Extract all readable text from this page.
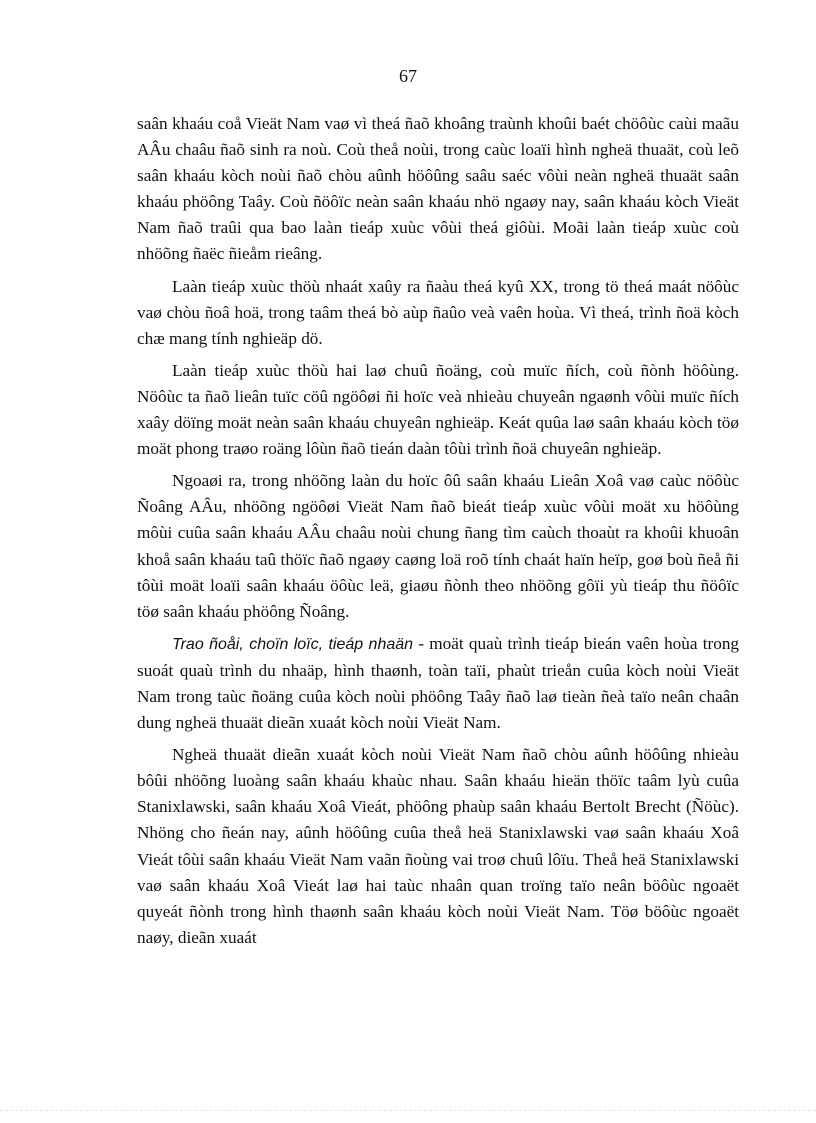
67

saân khaáu coå Vieät Nam vaø vì theá ñaõ khoâng traùnh khoûi baét chöôùc caùi maãu AÂu chaâu ñaõ sinh ra noù. Coù theå noùi, trong caùc loaïi hình ngheä thuaät, coù leõ saân khaáu kòch noùi ñaõ chòu aûnh höôûng saâu saéc vôùi neàn ngheä thuaät saân khaáu phöông Taây. Coù ñöôïc neàn saân khaáu nhö ngaøy nay, saân khaáu kòch Vieät Nam ñaõ traûi qua bao laàn tieáp xuùc vôùi theá giôùi. Moãi laàn tieáp xuùc coù nhöõng ñaëc ñieåm rieâng.

Laàn tieáp xuùc thöù nhaát xaûy ra ñaàu theá kyû XX, trong tö theá maát nöôùc vaø chòu ñoâ hoä, trong taâm theá bò aùp ñaûo veà vaên hoùa. Vì theá, trình ñoä kòch chæ mang tính nghieäp dö.

Laàn tieáp xuùc thöù hai laø chuû ñoäng, coù muïc ñích, coù ñònh höôùng. Nöôùc ta ñaõ lieân tuïc cöû ngöôøi ñi hoïc veà nhieàu chuyeân ngaønh vôùi muïc ñích xaây döïng moät neàn saân khaáu chuyeân nghieäp. Keát quûa laø saân khaáu kòch töø moät phong traøo roäng lôùn ñaõ tieán daàn tôùi trình ñoä chuyeân nghieäp.

Ngoaøi ra, trong nhöõng laàn du hoïc ôû saân khaáu Lieân Xoâ vaø caùc nöôùc Ñoâng AÂu, nhöõng ngöôøi Vieät Nam ñaõ bieát tieáp xuùc vôùi moät xu höôùng môùi cuûa saân khaáu AÂu chaâu noùi chung ñang tìm caùch thoaùt ra khoûi khuoân khoå saân khaáu taû thöïc ñaõ ngaøy caøng loä roõ tính chaát haïn heïp, goø boù ñeå ñi tôùi moät loaïi saân khaáu öôùc leä, giaøu ñònh theo nhöõng gôïi yù tieáp thu ñöôïc töø saân khaáu phöông Ñoâng.

Trao ñoåi, choïn loïc, tieáp nhaän - moät quaù trình tieáp bieán vaên hoùa trong suoát quaù trình du nhaäp, hình thaønh, toàn taïi, phaùt trieån cuûa kòch noùi Vieät Nam trong taùc ñoäng cuûa kòch noùi phöông Taây ñaõ laø tieàn ñeà taïo neân chaân dung ngheä thuaät dieãn xuaát kòch noùi Vieät Nam.

Ngheä thuaät dieãn xuaát kòch noùi Vieät Nam ñaõ chòu aûnh höôûng nhieàu bôûi nhöõng luoàng saân khaáu khaùc nhau. Saân khaáu hieän thöïc taâm lyù cuûa Stanixlawski, saân khaáu Xoâ Vieát, phöông phaùp saân khaáu Bertolt Brecht (Ñöùc). Nhöng cho ñeán nay, aûnh höôûng cuûa theå heä Stanixlawski vaø saân khaáu Xoâ Vieát tôùi saân khaáu Vieät Nam vaãn ñoùng vai troø chuû lôïu. Theå heä Stanixlawski vaø saân khaáu Xoâ Vieát laø hai taùc nhaân quan troïng taïo neân böôùc ngoaët quyeát ñònh trong hình thaønh saân khaáu kòch noùi Vieät Nam. Töø böôùc ngoaët naøy, dieãn xuaát
